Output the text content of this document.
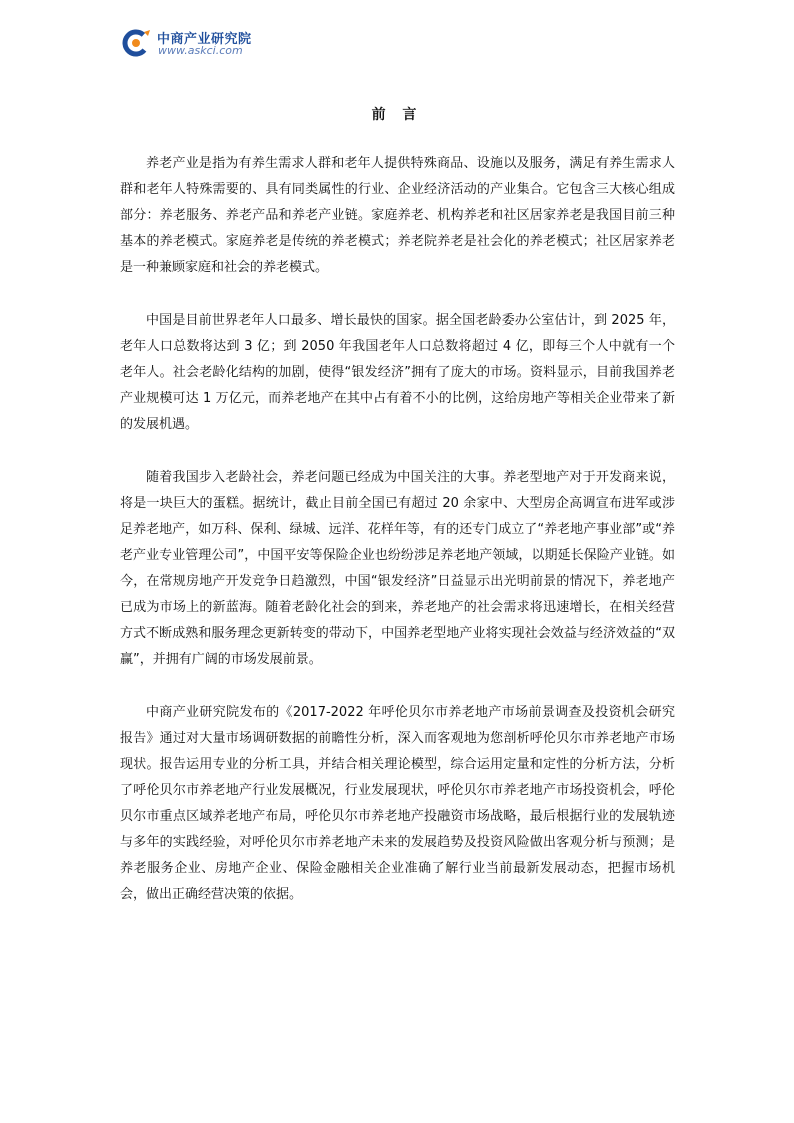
中商产业研究院
www.askci.com
前 言

养老产业是指为有养生需求人群和老年人提供特殊商品、设施以及服务，满足有养生需求人群和老年人特殊需要的、具有同类属性的行业、企业经济活动的产业集合。它包含三大核心组成部分：养老服务、养老产品和养老产业链。家庭养老、机构养老和社区居家养老是我国目前三种基本的养老模式。家庭养老是传统的养老模式；养老院养老是社会化的养老模式；社区居家养老是一种兼顾家庭和社会的养老模式。

中国是目前世界老年人口最多、增长最快的国家。据全国老龄委办公室估计，到 2025 年，老年人口总数将达到 3 亿；到 2050 年我国老年人口总数将超过 4 亿，即每三个人中就有一个老年人。社会老龄化结构的加剧，使得“银发经济”拥有了庞大的市场。资料显示，目前我国养老产业规模可达 1 万亿元，而养老地产在其中占有着不小的比例，这给房地产等相关企业带来了新的发展机遇。

随着我国步入老龄社会，养老问题已经成为中国关注的大事。养老型地产对于开发商来说，将是一块巨大的蛋糕。据统计，截止目前全国已有超过 20 余家中、大型房企高调宣布进军或涉足养老地产，如万科、保利、绿城、远洋、花样年等，有的还专门成立了“养老地产事业部”或“养老产业专业管理公司”，中国平安等保险企业也纷纷涉足养老地产领域，以期延长保险产业链。如今，在常规房地产开发竞争日趋激烈，中国“银发经济”日益显示出光明前景的情况下，养老地产已成为市场上的新蓝海。随着老龄化社会的到来，养老地产的社会需求将迅速增长，在相关经营方式不断成熟和服务理念更新转变的带动下，中国养老型地产业将实现社会效益与经济效益的“双赢”，并拥有广阔的市场发展前景。

中商产业研究院发布的《2017-2022 年呼伦贝尔市养老地产市场前景调查及投资机会研究报告》通过对大量市场调研数据的前瞻性分析，深入而客观地为您剖析呼伦贝尔市养老地产市场现状。报告运用专业的分析工具，并结合相关理论模型，综合运用定量和定性的分析方法，分析了呼伦贝尔市养老地产行业发展概况，行业发展现状，呼伦贝尔市养老地产市场投资机会，呼伦贝尔市重点区域养老地产布局，呼伦贝尔市养老地产投融资市场战略，最后根据行业的发展轨迹与多年的实践经验，对呼伦贝尔市养老地产未来的发展趋势及投资风险做出客观分析与预测；是养老服务企业、房地产企业、保险金融相关企业准确了解行业当前最新发展动态，把握市场机会，做出正确经营决策的依据。
